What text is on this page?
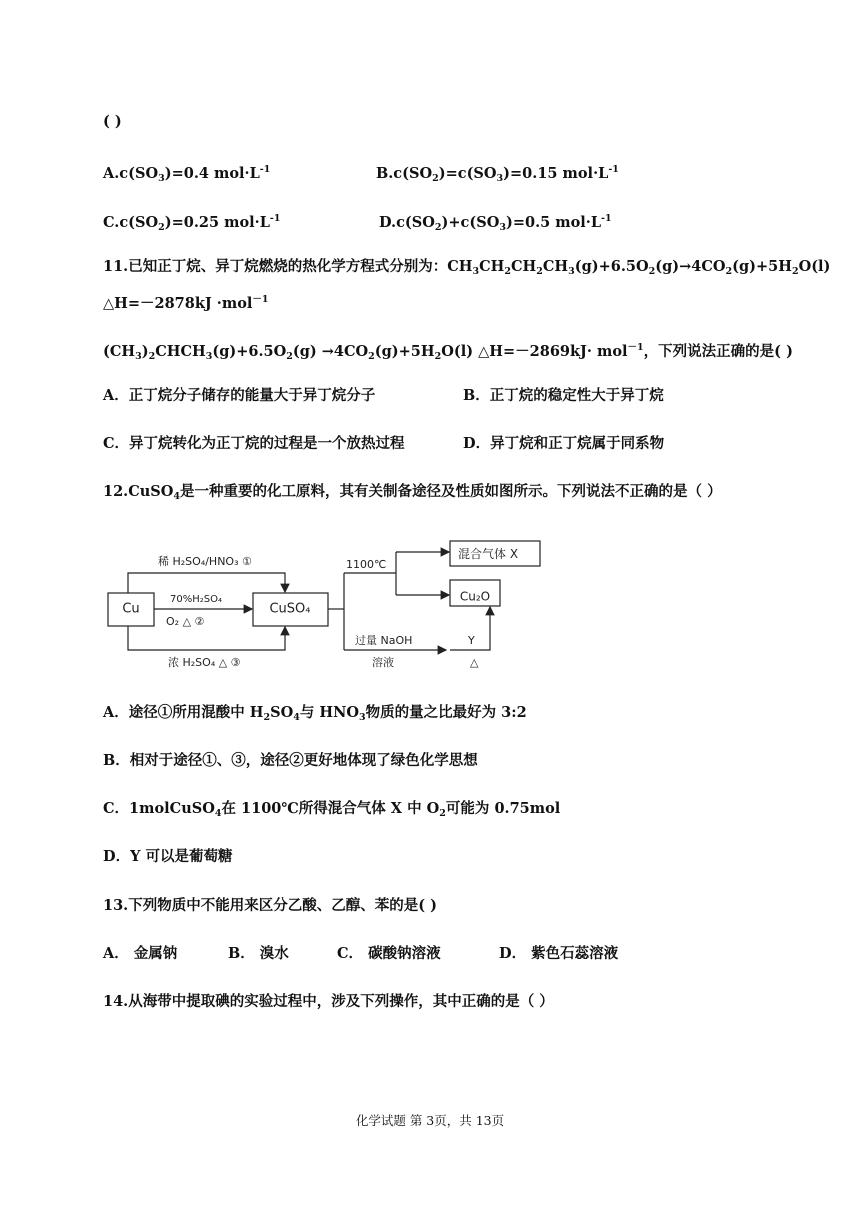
( )
$A.c(SO_3)=0.4$ $mol\cdot L^{-1}$	$B.c(SO_2)=c(SO_3)=0.15$ $mol\cdot L^{-1}$
$C.c(SO_2)=0.25$ $mol\cdot L^{-1}$	$D.c(SO_2)+c(SO_3)=0.5$ $mol\cdot L^{-1}$
11.已知正丁烷、异丁烷燃烧的热化学方程式分别为：$CH_3CH_2CH_2CH_3(g)+6.5O_2(g)\to 4CO_2(g)+5H_2O(l)$
△H=－2878kJ ·mol$^{-1}$
$(CH_3)_2CHCH_3(g)+6.5O_2(g) \to 4CO_2(g)+5H_2O(l)$ △H=－2869kJ· mol$^{-1}$，下列说法正确的是( )
A．正丁烷分子储存的能量大于异丁烷分子	B．正丁烷的稳定性大于异丁烷
C．异丁烷转化为正丁烷的过程是一个放热过程	D．异丁烷和正丁烷属于同系物
12.CuSO$_4$是一种重要的化工原料，其有关制备途径及性质如图所示。下列说法不正确的是（ ）
Cu	CuSO₄
稀 H₂SO₄/HNO₃ ①
70%H₂SO₄
O₂ △ ②
浓 H₂SO₄ △ ③
1100℃
混合气体 X
Cu₂O
过量 NaOH
溶液
Y
△
A．途径①所用混酸中 $H_2SO_4$与 $HNO_3$物质的量之比最好为 3:2
B．相对于途径①、③，途径②更好地体现了绿色化学思想
C．1molCuSO$_4$在 1100℃所得混合气体 X 中 $O_2$可能为 0.75mol
D．Y 可以是葡萄糖
13.下列物质中不能用来区分乙酸、乙醇、苯的是( )
A． 金属钠	B． 溴水	C． 碳酸钠溶液	D． 紫色石蕊溶液
14.从海带中提取碘的实验过程中，涉及下列操作，其中正确的是（ ）
化学试题 第 3页，共 13页
